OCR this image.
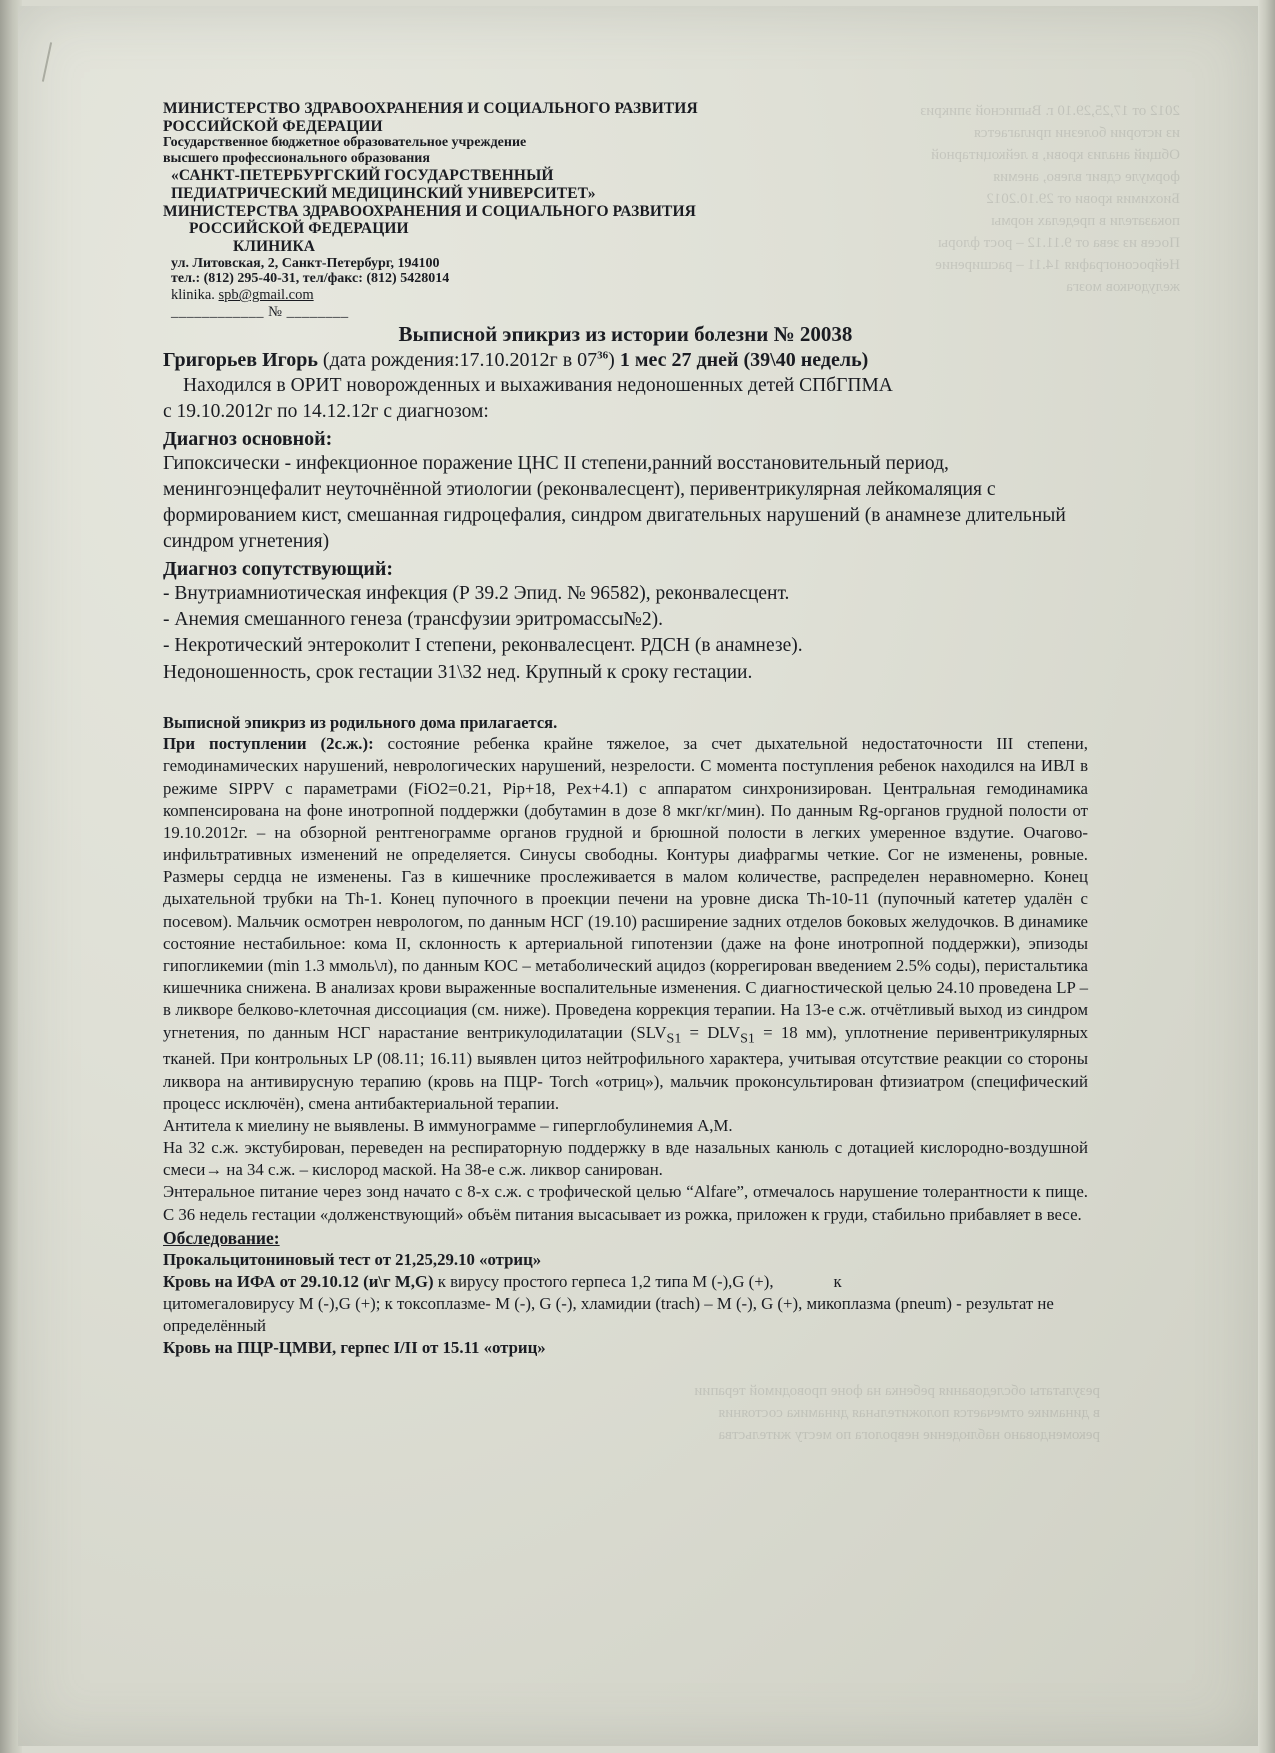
МИНИСТЕРСТВО ЗДРАВООХРАНЕНИЯ И СОЦИАЛЬНОГО РАЗВИТИЯ
РОССИЙСКОЙ ФЕДЕРАЦИИ
Государственное бюджетное образовательное учреждение
высшего профессионального образования
«САНКТ-ПЕТЕРБУРГСКИЙ ГОСУДАРСТВЕННЫЙ
ПЕДИАТРИЧЕСКИЙ МЕДИЦИНСКИЙ УНИВЕРСИТЕТ»
МИНИСТЕРСТВА ЗДРАВООХРАНЕНИЯ И СОЦИАЛЬНОГО РАЗВИТИЯ
РОССИЙСКОЙ ФЕДЕРАЦИИ
КЛИНИКА
ул. Литовская, 2, Санкт-Петербург, 194100
тел.: (812) 295-40-31, тел/факс: (812) 5428014
klinika. spb@gmail.com
____________ № ________
Выписной эпикриз из истории болезни № 20038
Григорьев Игорь (дата рождения:17.10.2012г в $07^{36}$) 1 мес 27 дней (39\40 недель)
Находился в ОРИТ новорожденных и выхаживания недоношенных детей СПбГПМА
с 19.10.2012г по 14.12.12г с диагнозом:
Диагноз основной:
Гипоксически - инфекционное поражение ЦНС II степени,ранний восстановительный период, менингоэнцефалит неуточнённой этиологии (реконвалесцент), перивентрикулярная лейкомаляция с формированием кист, смешанная гидроцефалия, синдром двигательных нарушений (в анамнезе длительный синдром угнетения)
Диагноз сопутствующий:
- Внутриамниотическая инфекция (Р 39.2 Эпид. № 96582), реконвалесцент.
- Анемия смешанного генеза (трансфузии эритромассы№2).
- Некротический энтероколит I степени, реконвалесцент. РДСН (в анамнезе).
Недоношенность, срок гестации 31\32 нед. Крупный к сроку гестации.
Выписной эпикриз из родильного дома прилагается.
При поступлении (2с.ж.): состояние ребенка крайне тяжелое, за счет дыхательной недостаточности III степени, гемодинамических нарушений, неврологических нарушений, незрелости. С момента поступления ребенок находился на ИВЛ в режиме SIPPV с параметрами (FiO2=0.21, Pip+18, Pex+4.1) с аппаратом синхронизирован. Центральная гемодинамика компенсирована на фоне инотропной поддержки (добутамин в дозе 8 мкг/кг/мин). По данным Rg-органов грудной полости от 19.10.2012г. – на обзорной рентгенограмме органов грудной и брюшной полости в легких умеренное вздутие. Очагово-инфильтративных изменений не определяется. Синусы свободны. Контуры диафрагмы четкие. Сог не изменены, ровные. Размеры сердца не изменены. Газ в кишечнике прослеживается в малом количестве, распределен неравномерно. Конец дыхательной трубки на Th-1. Конец пупочного в проекции печени на уровне диска Th-10-11 (пупочный катетер удалён с посевом). Мальчик осмотрен неврологом, по данным НСГ (19.10) расширение задних отделов боковых желудочков. В динамике состояние нестабильное: кома II, склонность к артериальной гипотензии (даже на фоне инотропной поддержки), эпизоды гипогликемии (min 1.3 ммоль\л), по данным КОС – метаболический ацидоз (коррегирован введением 2.5% соды), перистальтика кишечника снижена. В анализах крови выраженные воспалительные изменения. С диагностической целью 24.10 проведена LP – в ликворе белково-клеточная диссоциация (см. ниже). Проведена коррекция терапии. На 13-е с.ж. отчётливый выход из синдром угнетения, по данным НСГ нарастание вентрикулодилатации ($SLV_{S1} = DLV_{S1} = 18$ мм), уплотнение перивентрикулярных тканей. При контрольных LP (08.11; 16.11) выявлен цитоз нейтрофильного характера, учитывая отсутствие реакции со стороны ликвора на антивирусную терапию (кровь на ПЦР- Torch «отриц»), мальчик проконсультирован фтизиатром (специфический процесс исключён), смена антибактериальной терапии.
Антитела к миелину не выявлены. В иммунограмме – гиперглобулинемия А,М.
На 32 с.ж. экстубирован, переведен на респираторную поддержку в вде назальных канюль с дотацией кислородно-воздушной смеси→ на 34 с.ж. – кислород маской. На 38-е с.ж. ликвор санирован.
Энтеральное питание через зонд начато с 8-х с.ж. с трофической целью “Alfare”, отмечалось нарушение толерантности к пище. С 36 недель гестации «долженствующий» объём питания высасывает из рожка, приложен к груди, стабильно прибавляет в весе.
Обследование:
Прокальцитониновый тест от 21,25,29.10 «отриц»
Кровь на ИФА от 29.10.12 (и\г M,G) к вирусу простого герпеса 1,2 типа М (-),G (+),	к
цитомегаловирусу M (-),G (+); к токсоплазме- М (-), G (-), хламидии (trach) – М (-), G (+), микоплазма (pneum) - результат не определённый
Кровь на ПЦР-ЦМВИ, герпес I/II от 15.11 «отриц»
